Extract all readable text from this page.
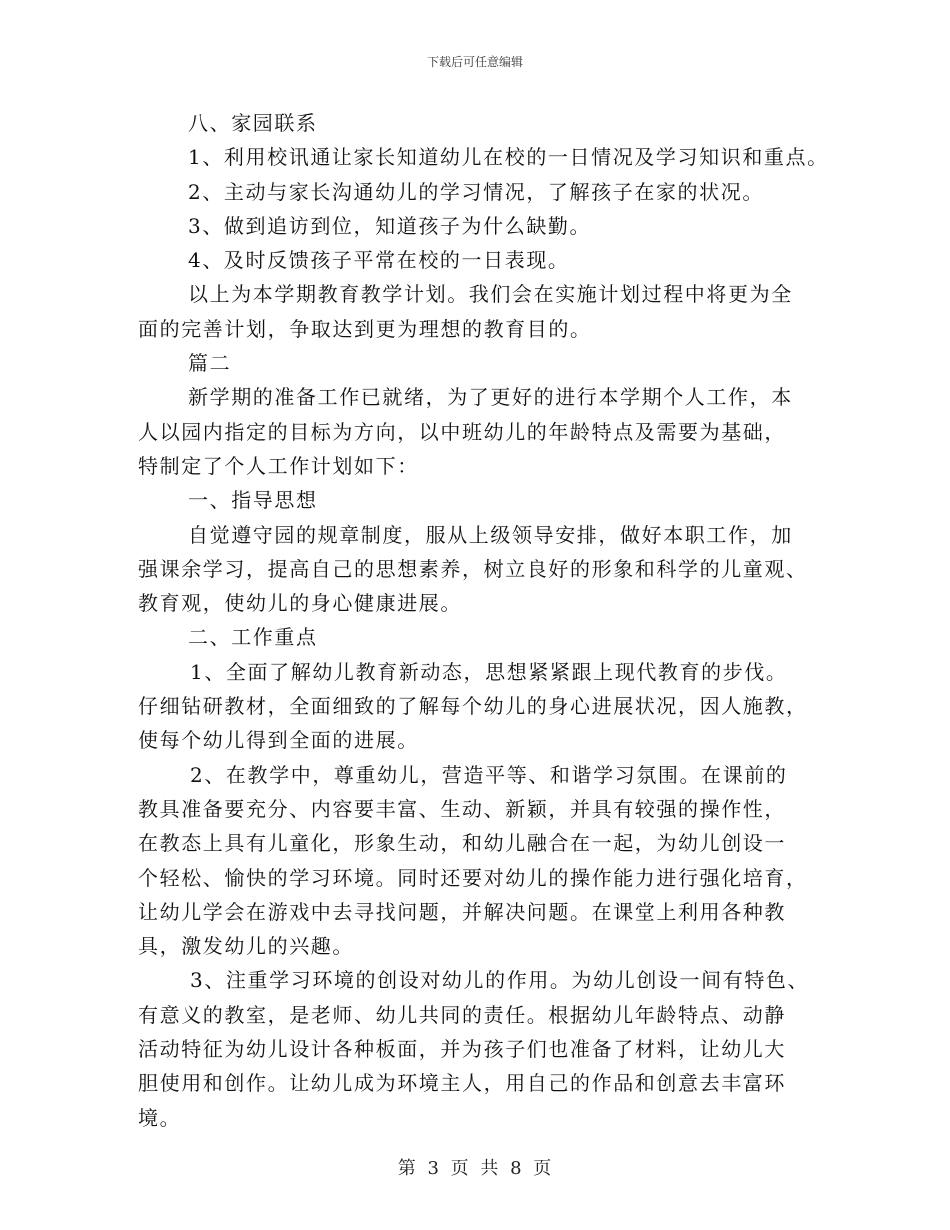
下载后可任意编辑
八、家园联系
1、利用校讯通让家长知道幼儿在校的一日情况及学习知识和重点。
2、主动与家长沟通幼儿的学习情况，了解孩子在家的状况。
3、做到追访到位，知道孩子为什么缺勤。
4、及时反馈孩子平常在校的一日表现。
以上为本学期教育教学计划。我们会在实施计划过程中将更为全
面的完善计划，争取达到更为理想的教育目的。
篇二
新学期的准备工作已就绪，为了更好的进行本学期个人工作，本
人以园内指定的目标为方向，以中班幼儿的年龄特点及需要为基础，
特制定了个人工作计划如下：
一、指导思想
自觉遵守园的规章制度，服从上级领导安排，做好本职工作，加
强课余学习，提高自己的思想素养，树立良好的形象和科学的儿童观、
教育观，使幼儿的身心健康进展。
二、工作重点
1、全面了解幼儿教育新动态，思想紧紧跟上现代教育的步伐。
仔细钻研教材，全面细致的了解每个幼儿的身心进展状况，因人施教，
使每个幼儿得到全面的进展。
2、在教学中，尊重幼儿，营造平等、和谐学习氛围。在课前的
教具准备要充分、内容要丰富、生动、新颖，并具有较强的操作性，
在教态上具有儿童化，形象生动，和幼儿融合在一起，为幼儿创设一
个轻松、愉快的学习环境。同时还要对幼儿的操作能力进行强化培育，
让幼儿学会在游戏中去寻找问题，并解决问题。在课堂上利用各种教
具，激发幼儿的兴趣。
3、注重学习环境的创设对幼儿的作用。为幼儿创设一间有特色、
有意义的教室，是老师、幼儿共同的责任。根据幼儿年龄特点、动静
活动特征为幼儿设计各种板面，并为孩子们也准备了材料，让幼儿大
胆使用和创作。让幼儿成为环境主人，用自己的作品和创意去丰富环
境。
第 3 页 共 8 页
